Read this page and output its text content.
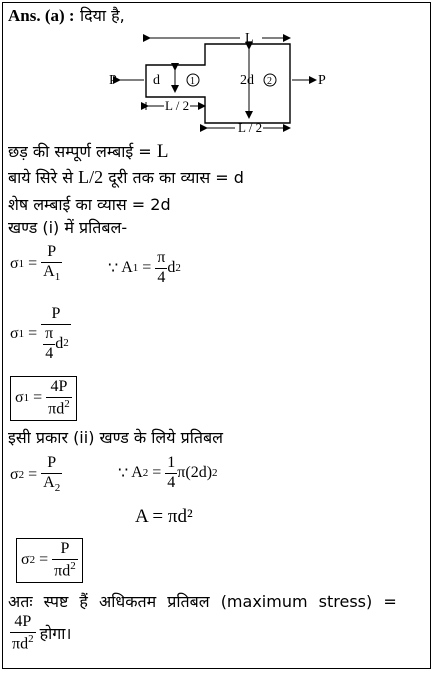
Ans. (a) : दिया है,
L
d	1	2d 2
P	P
L / 2
L / 2
छड़ की सम्पूर्ण लम्बाई = L
बाये सिरे से L/2 दूरी तक का व्यास = d
शेष लम्बाई का व्यास = 2d
खण्ड (i) में प्रतिबल-
σ $1 = \frac{P}{A_1}$	∵ A $1 = \frac{\pi}{4}$ d 2
σ $1 = \frac{P}{\frac{\pi}{4} d 2}$
σ $1 = \frac{4P}{\pi d^2}$
इसी प्रकार (ii) खण्ड के लिये प्रतिबल
σ $2 = \frac{P}{A_2}$	∵ A $2 = \frac{1}{4} \pi(2d)$ 2
A = πd²
σ $2 = \frac{P}{\pi d^2}$
अतः स्पष्ट हैं अधिकतम प्रतिबल (maximum stress) =
$\frac{4P}{\pi d^2}$ होगा।
